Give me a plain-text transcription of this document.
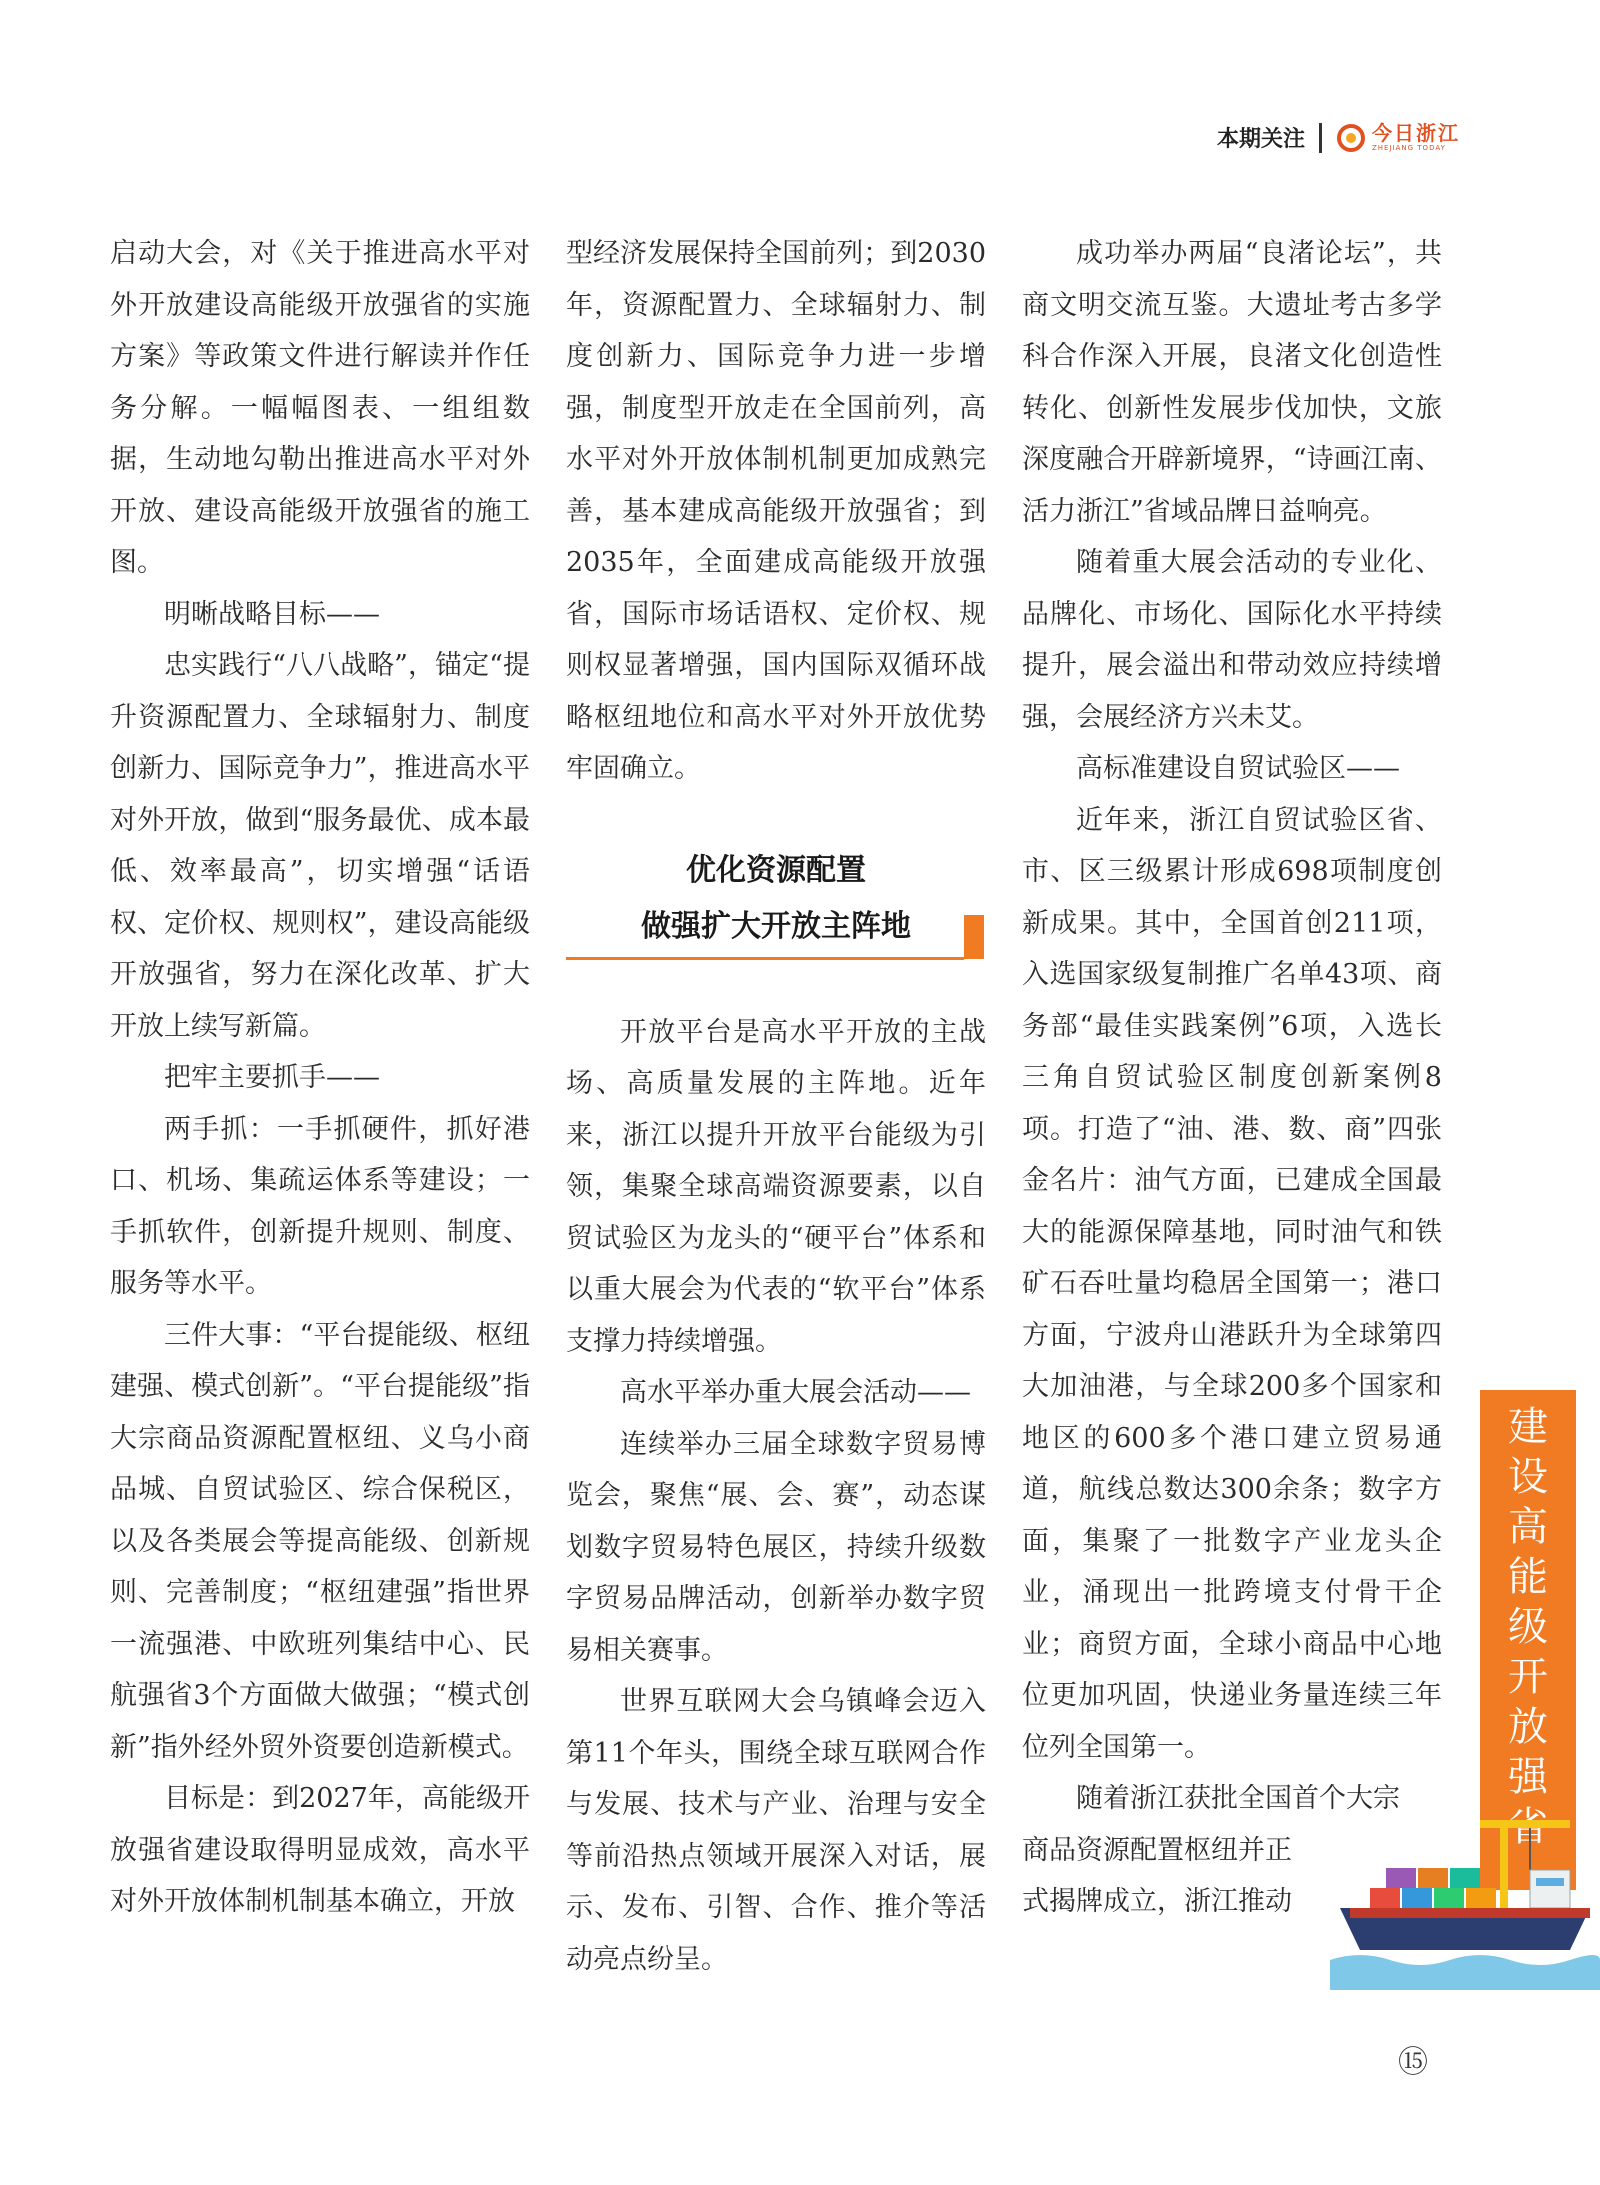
本期关注	今日浙江
ZHEJIANG TODAY

启动大会，对《关于推进高水平对外开放建设高能级开放强省的实施方案》等政策文件进行解读并作任务分解。一幅幅图表、一组组数据，生动地勾勒出推进高水平对外开放、建设高能级开放强省的施工图。

明晰战略目标——

忠实践行“八八战略”，锚定“提升资源配置力、全球辐射力、制度创新力、国际竞争力”，推进高水平对外开放，做到“服务最优、成本最低、效率最高”，切实增强“话语权、定价权、规则权”，建设高能级开放强省，努力在深化改革、扩大开放上续写新篇。

把牢主要抓手——

两手抓：一手抓硬件，抓好港口、机场、集疏运体系等建设；一手抓软件，创新提升规则、制度、服务等水平。

三件大事：“平台提能级、枢纽建强、模式创新”。“平台提能级”指大宗商品资源配置枢纽、义乌小商品城、自贸试验区、综合保税区，以及各类展会等提高能级、创新规则、完善制度；“枢纽建强”指世界一流强港、中欧班列集结中心、民航强省3个方面做大做强；“模式创新”指外经外贸外资要创造新模式。

目标是：到2027年，高能级开放强省建设取得明显成效，高水平对外开放体制机制基本确立，开放

型经济发展保持全国前列；到2030年，资源配置力、全球辐射力、制度创新力、国际竞争力进一步增强，制度型开放走在全国前列，高水平对外开放体制机制更加成熟完善，基本建成高能级开放强省；到2035年，全面建成高能级开放强省，国际市场话语权、定价权、规则权显著增强，国内国际双循环战略枢纽地位和高水平对外开放优势牢固确立。

优化资源配置
做强扩大开放主阵地

开放平台是高水平开放的主战场、高质量发展的主阵地。近年来，浙江以提升开放平台能级为引领，集聚全球高端资源要素，以自贸试验区为龙头的“硬平台”体系和以重大展会为代表的“软平台”体系支撑力持续增强。

高水平举办重大展会活动——

连续举办三届全球数字贸易博览会，聚焦“展、会、赛”，动态谋划数字贸易特色展区，持续升级数字贸易品牌活动，创新举办数字贸易相关赛事。

世界互联网大会乌镇峰会迈入第11个年头，围绕全球互联网合作与发展、技术与产业、治理与安全等前沿热点领域开展深入对话，展示、发布、引智、合作、推介等活动亮点纷呈。

成功举办两届“良渚论坛”，共商文明交流互鉴。大遗址考古多学科合作深入开展，良渚文化创造性转化、创新性发展步伐加快，文旅深度融合开辟新境界，“诗画江南、活力浙江”省域品牌日益响亮。

随着重大展会活动的专业化、品牌化、市场化、国际化水平持续提升，展会溢出和带动效应持续增强，会展经济方兴未艾。

高标准建设自贸试验区——

近年来，浙江自贸试验区省、市、区三级累计形成698项制度创新成果。其中，全国首创211项，入选国家级复制推广名单43项、商务部“最佳实践案例”6项，入选长三角自贸试验区制度创新案例8项。打造了“油、港、数、商”四张金名片：油气方面，已建成全国最大的能源保障基地，同时油气和铁矿石吞吐量均稳居全国第一；港口方面，宁波舟山港跃升为全球第四大加油港，与全球200多个国家和地区的600多个港口建立贸易通道，航线总数达300余条；数字方面，集聚了一批数字产业龙头企业，涌现出一批跨境支付骨干企业；商贸方面，全球小商品中心地位更加巩固，快递业务量连续三年位列全国第一。

随着浙江获批全国首个大宗
商品资源配置枢纽并正
式揭牌成立，浙江推动

建
设
高
能
级
开
放
强
⑮
